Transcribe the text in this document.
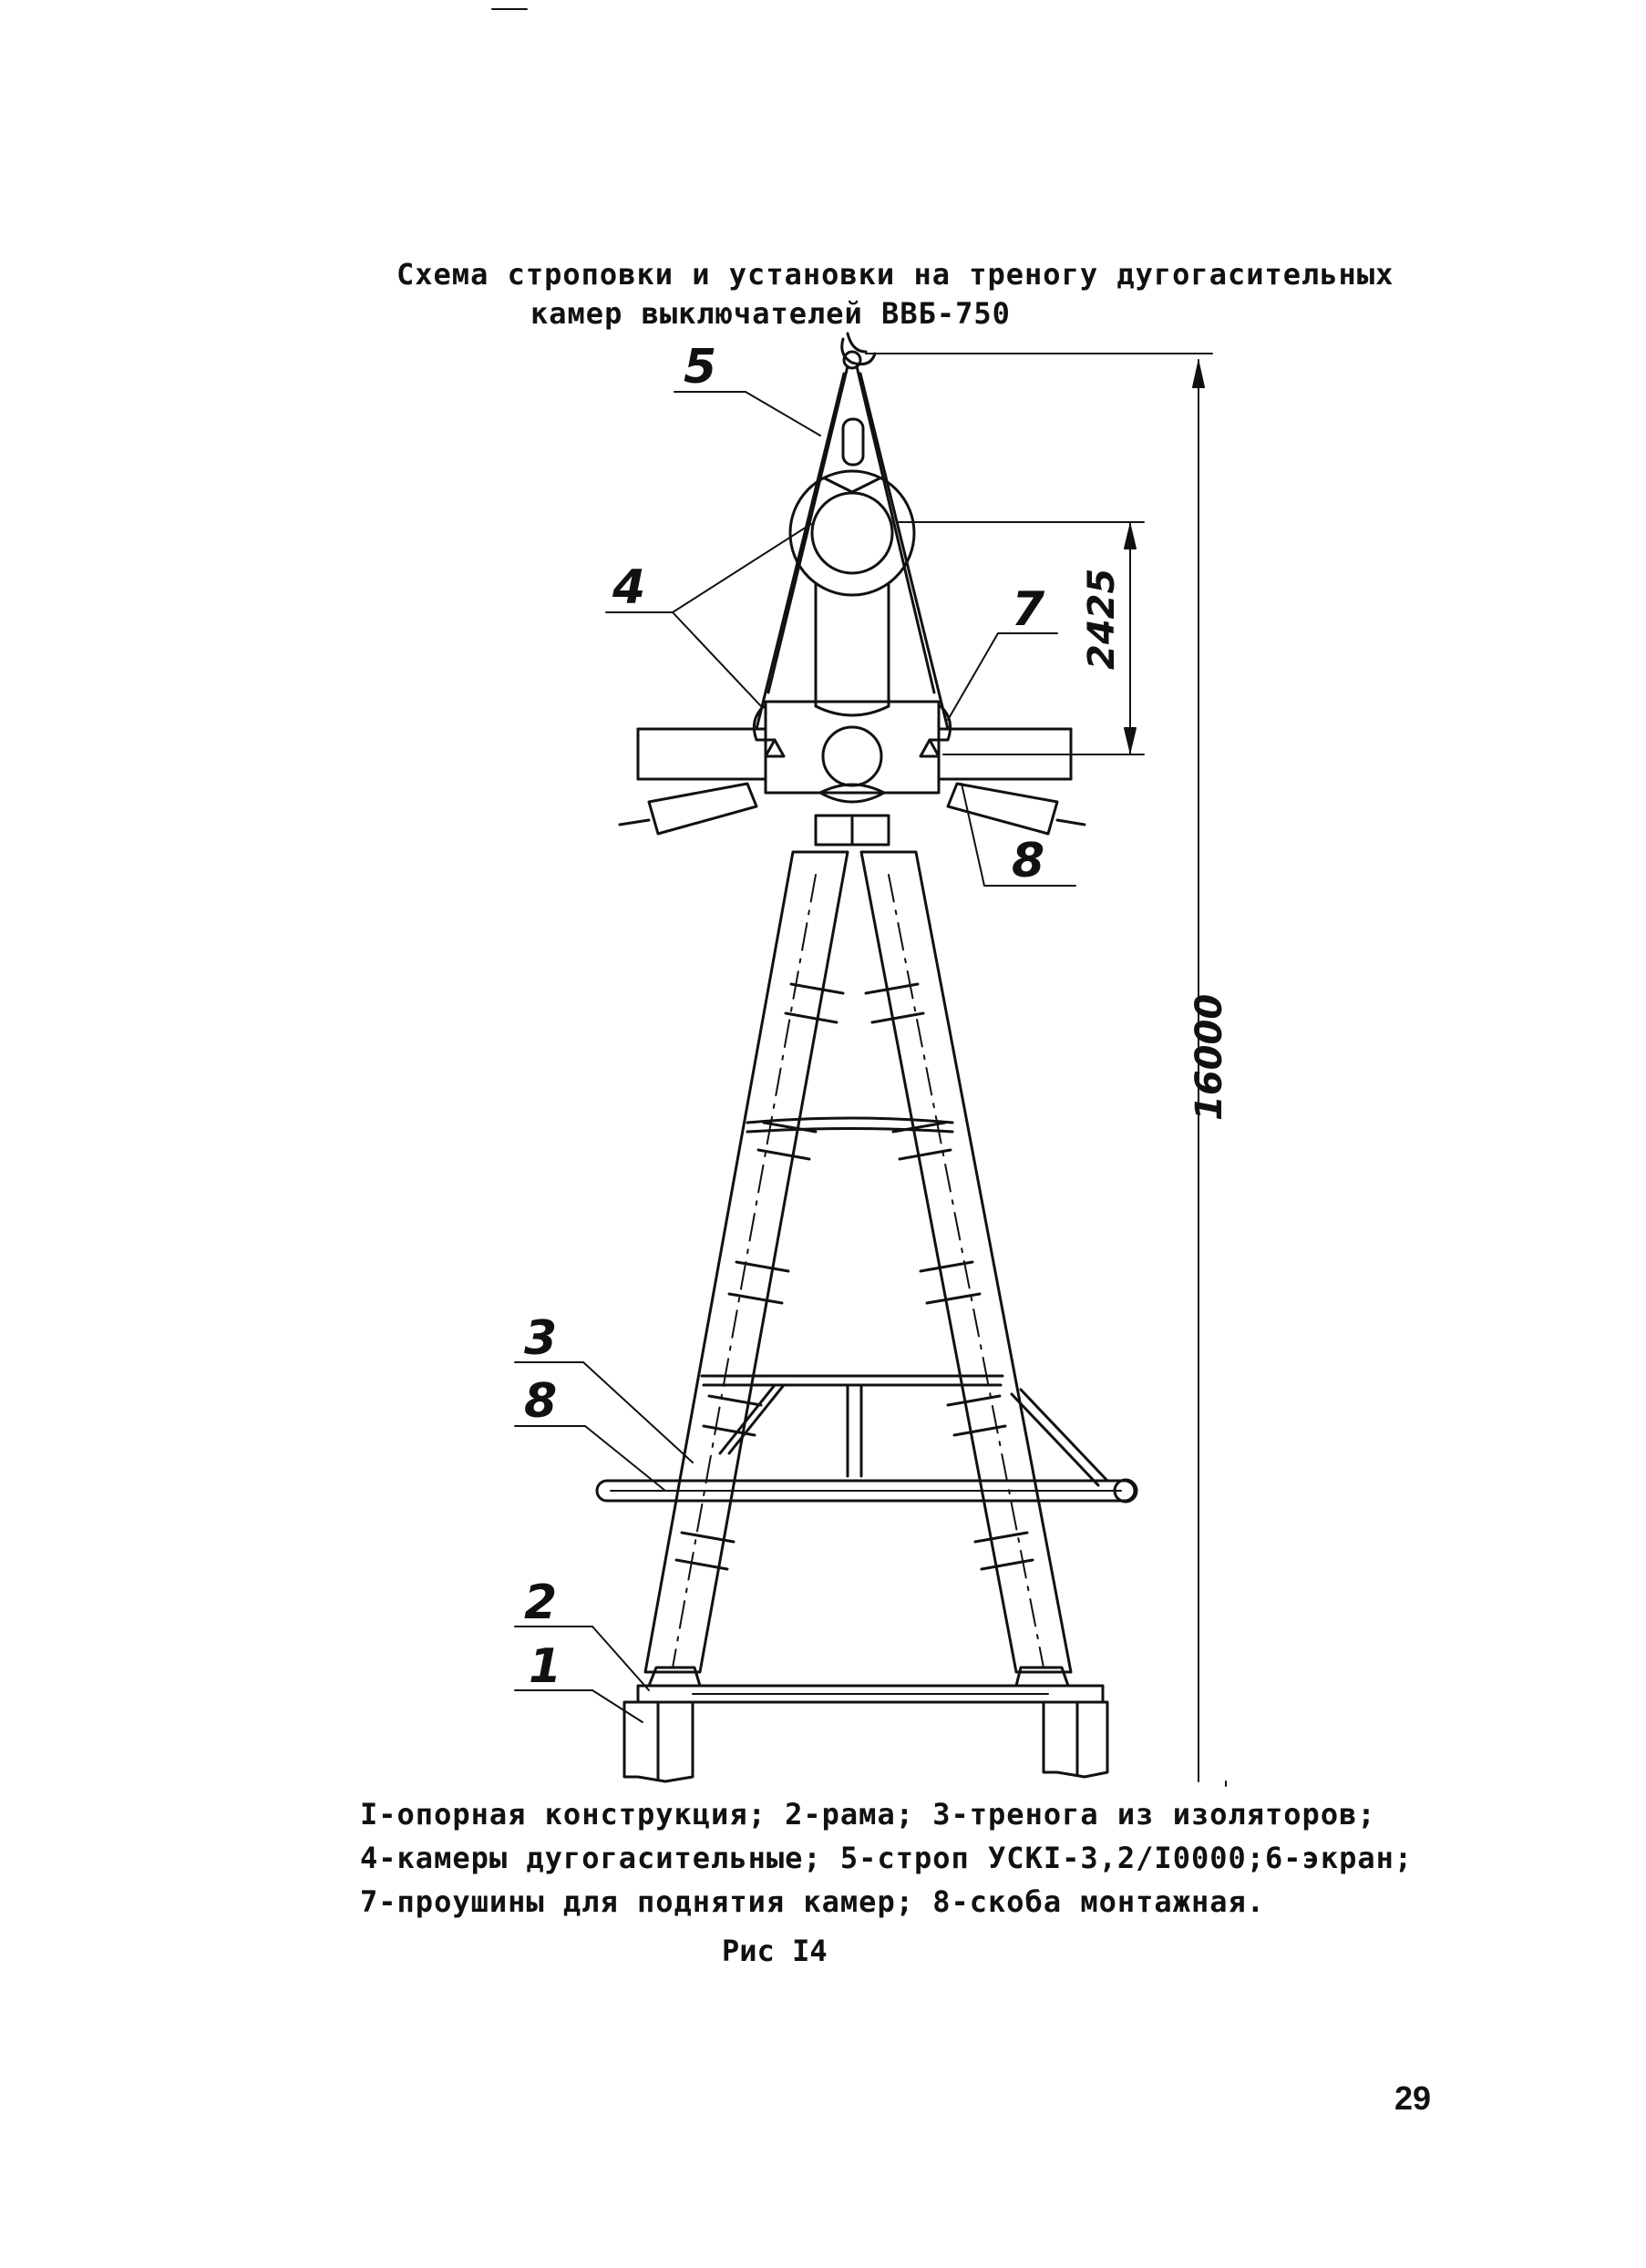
Схема строповки и установки на треногу дугогасительных
камер выключателей ВВБ-750
5
4	7
8
3
8
2
1
2425
16000
I-опорная конструкция; 2-рама; 3-тренога из изоляторов;
4-камеры дугогасительные; 5-строп УСКI-3,2/I0000;6-экран;
7-проушины для поднятия камер; 8-скоба монтажная.
Рис I4
29
